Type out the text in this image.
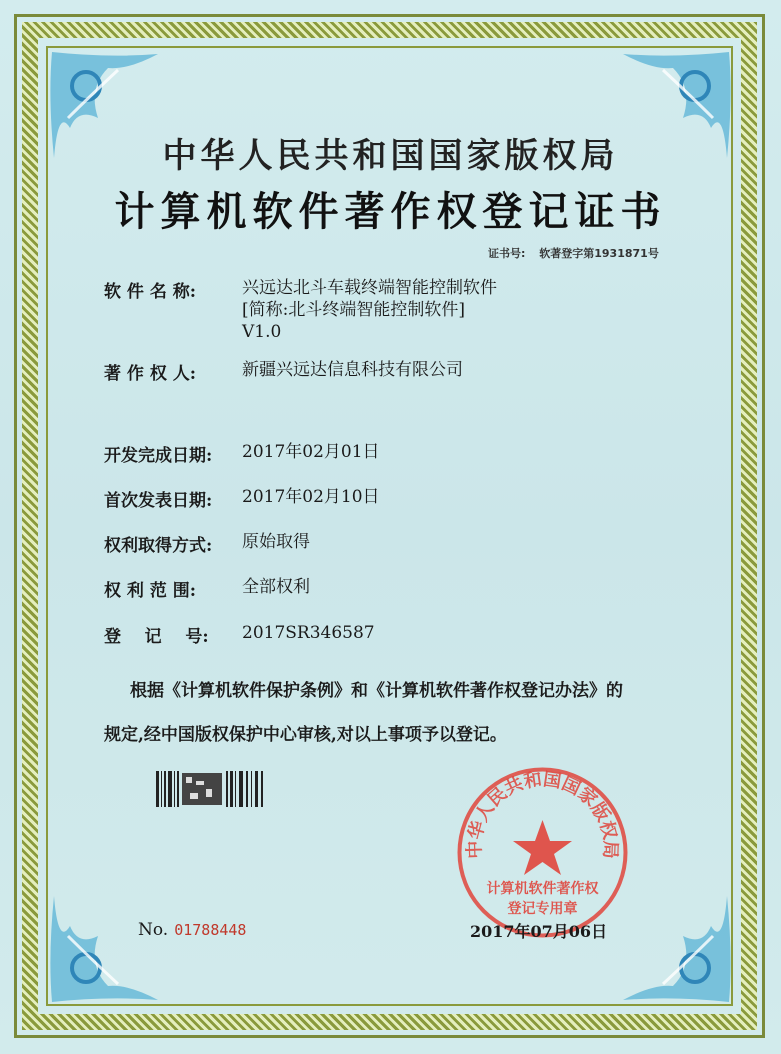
中华人民共和国国家版权局
计算机软件著作权登记证书
证书号: 软著登字第1931871号
软 件 名 称:	兴远达北斗车载终端智能控制软件
[简称:北斗终端智能控制软件]
V1.0
著 作 权 人:	新疆兴远达信息科技有限公司
开发完成日期: 2017年02月01日
首次发表日期: 2017年02月10日
权利取得方式: 原始取得
权 利 范 围:	全部权利
登    记    号: 2017SR346587
根据《计算机软件保护条例》和《计算机软件著作权登记办法》的
规定,经中国版权保护中心审核,对以上事项予以登记。
中华人民共和国国家版权局
计算机软件著作权
登记专用章
No. 01788448	2017年07月06日
